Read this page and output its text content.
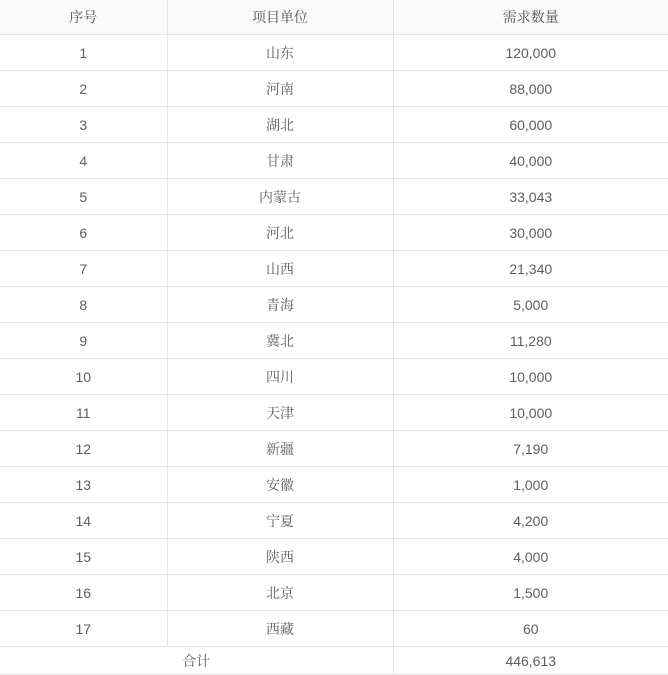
序号	项目单位	需求数量
1	山东	120,000
2	河南	88,000
3	湖北	60,000
4	甘肃	40,000
5	内蒙古	33,043
6	河北	30,000
7	山西	21,340
8	青海	5,000
9	冀北	11,280
10	四川	10,000
11	天津	10,000
12	新疆	7,190
13	安徽	1,000
14	宁夏	4,200
15	陕西	4,000
16	北京	1,500
17	西藏	60
合计		446,613
